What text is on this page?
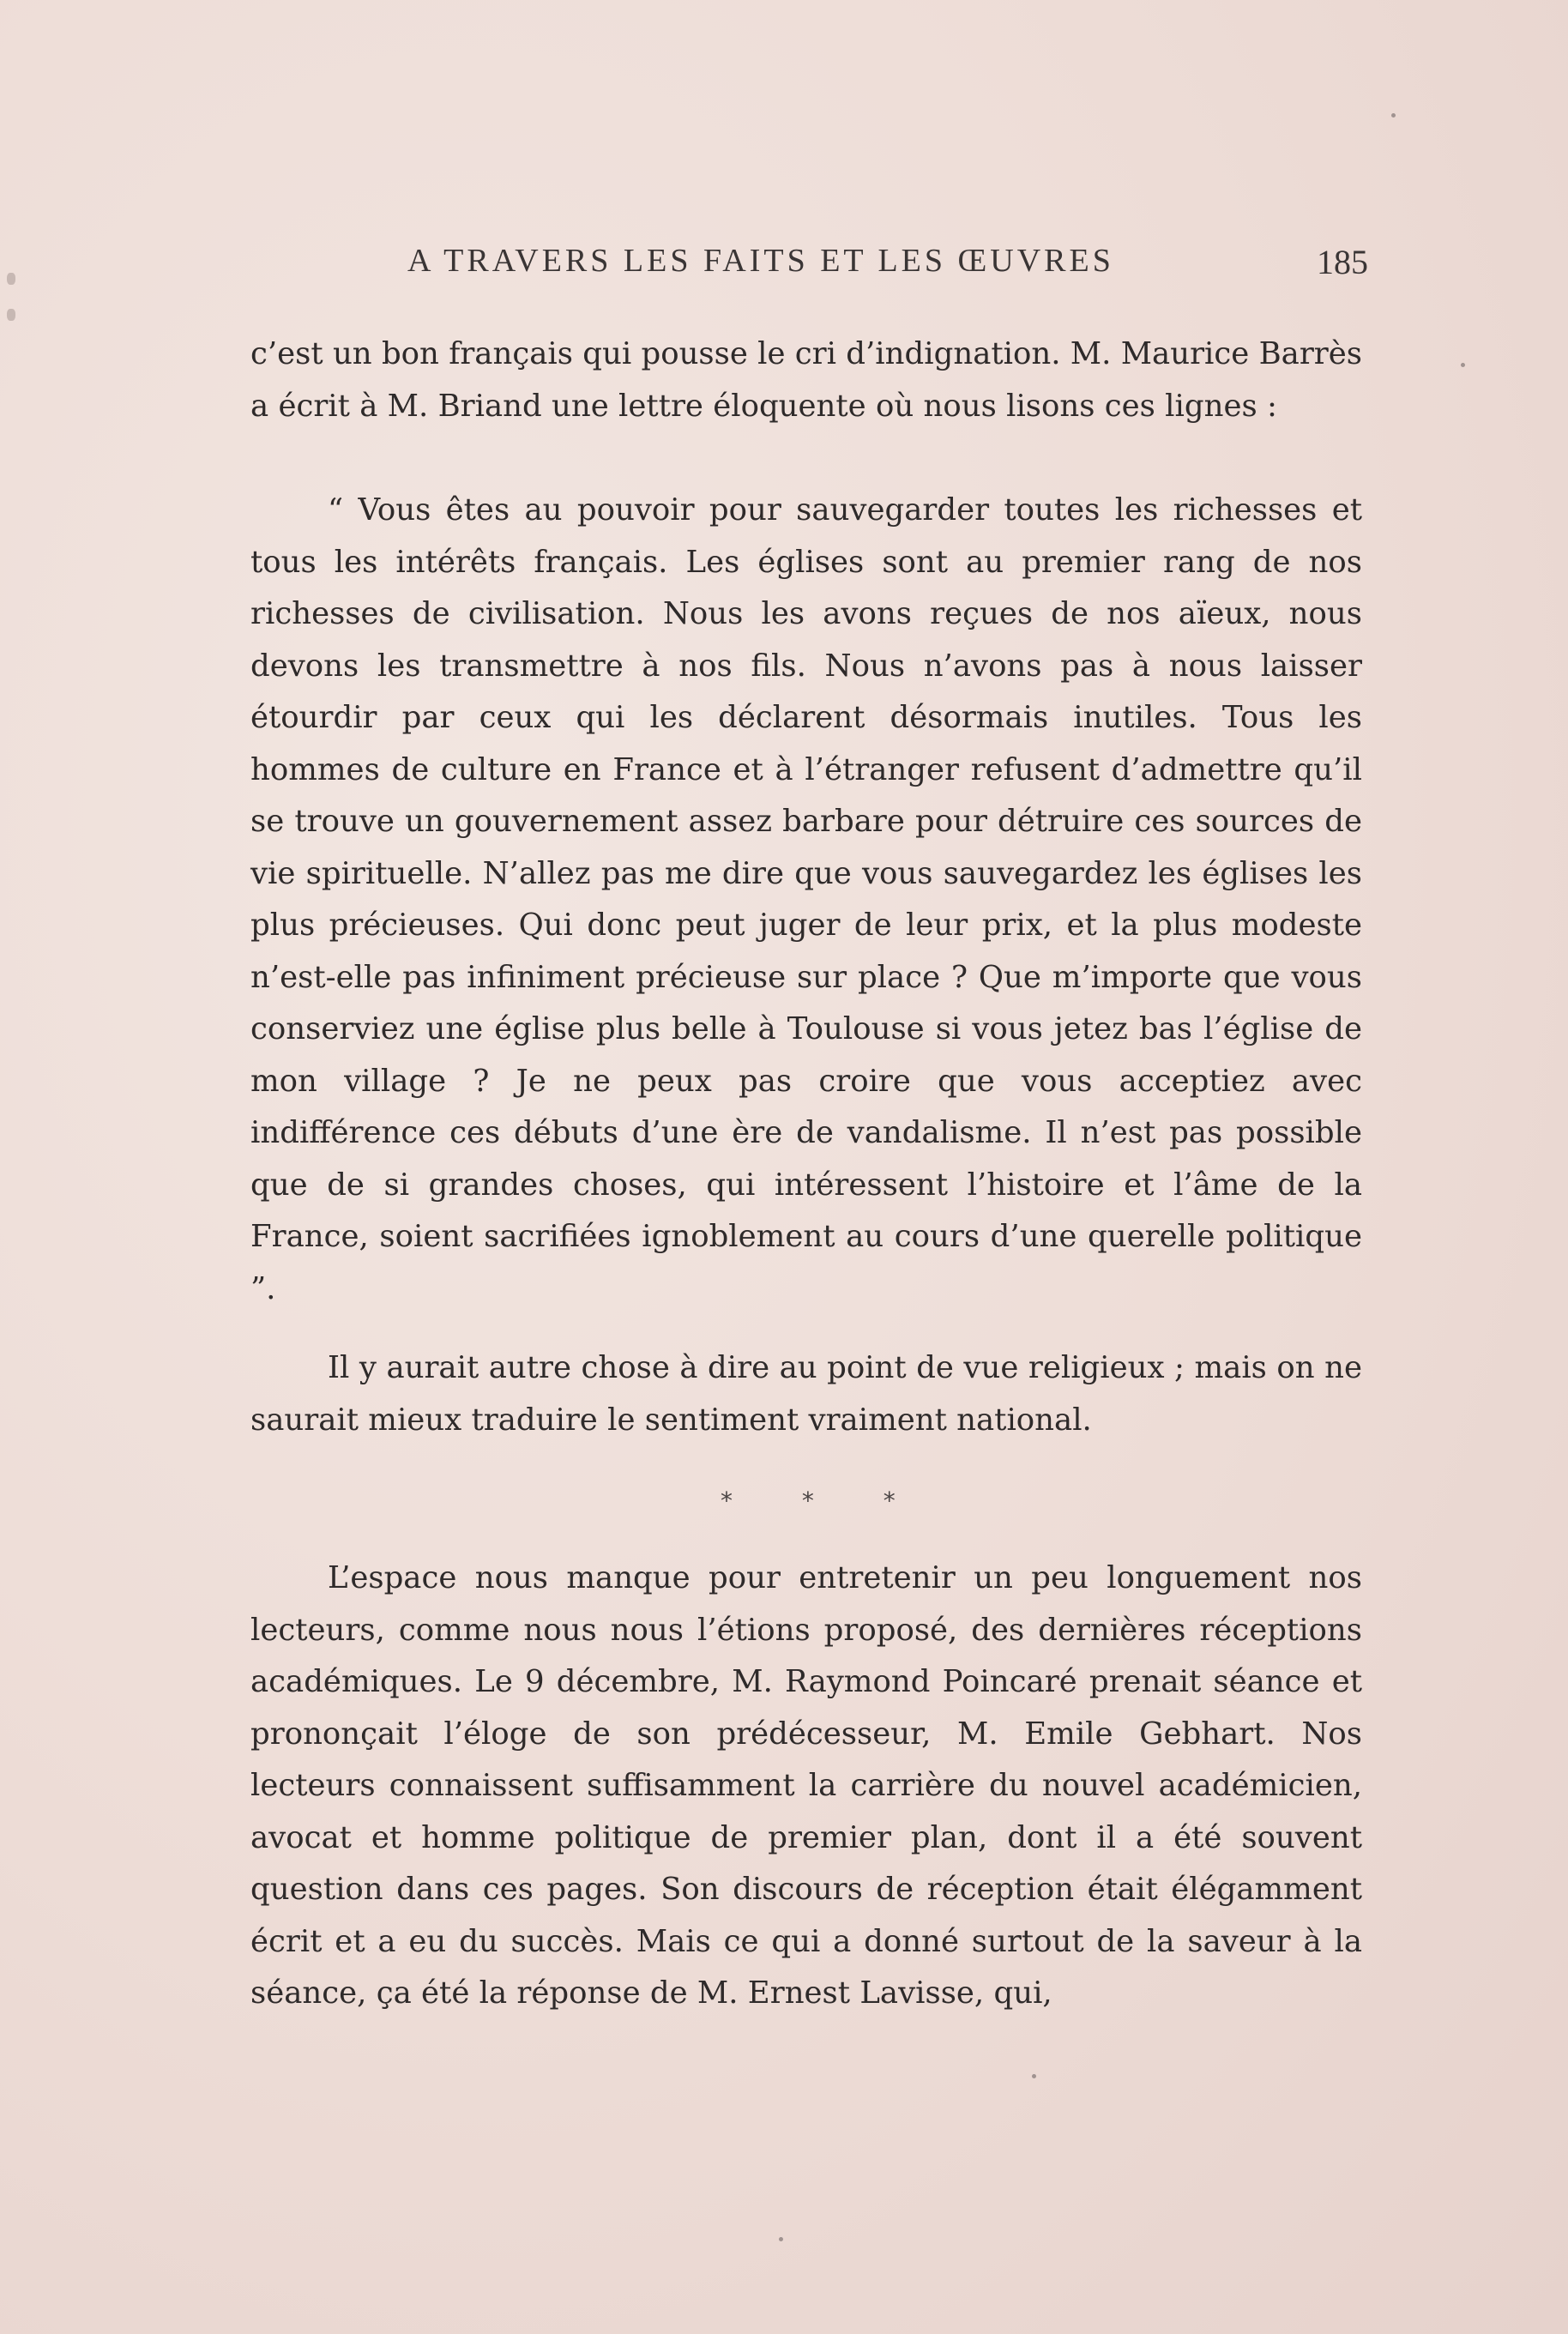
A TRAVERS LES FAITS ET LES ŒUVRES	185

c’est un bon français qui pousse le cri d’indignation. M. Maurice Barrès a écrit à M. Briand une lettre éloquente où nous lisons ces lignes :

“ Vous êtes au pouvoir pour sauvegarder toutes les richesses et tous les intérêts français. Les églises sont au premier rang de nos richesses de civilisation. Nous les avons reçues de nos aïeux, nous devons les transmettre à nos fils. Nous n’avons pas à nous laisser étourdir par ceux qui les déclarent désormais inutiles. Tous les hommes de culture en France et à l’étranger refusent d’admettre qu’il se trouve un gouvernement assez barbare pour détruire ces sources de vie spirituelle. N’allez pas me dire que vous sauvegardez les églises les plus précieuses. Qui donc peut juger de leur prix, et la plus modeste n’est-elle pas infiniment précieuse sur place ? Que m’importe que vous conserviez une église plus belle à Toulouse si vous jetez bas l’église de mon village ? Je ne peux pas croire que vous acceptiez avec indifférence ces débuts d’une ère de vandalisme. Il n’est pas possible que de si grandes choses, qui intéressent l’histoire et l’âme de la France, soient sacrifiées ignoblement au cours d’une querelle politique ”.

Il y aurait autre chose à dire au point de vue religieux ; mais on ne saurait mieux traduire le sentiment vraiment national.

* * *

L’espace nous manque pour entretenir un peu longuement nos lecteurs, comme nous nous l’étions proposé, des dernières réceptions académiques. Le 9 décembre, M. Raymond Poincaré prenait séance et prononçait l’éloge de son prédécesseur, M. Emile Gebhart. Nos lecteurs connaissent suffisamment la carrière du nouvel académicien, avocat et homme politique de premier plan, dont il a été souvent question dans ces pages. Son discours de réception était élégamment écrit et a eu du succès. Mais ce qui a donné surtout de la saveur à la séance, ça été la réponse de M. Ernest Lavisse, qui,
